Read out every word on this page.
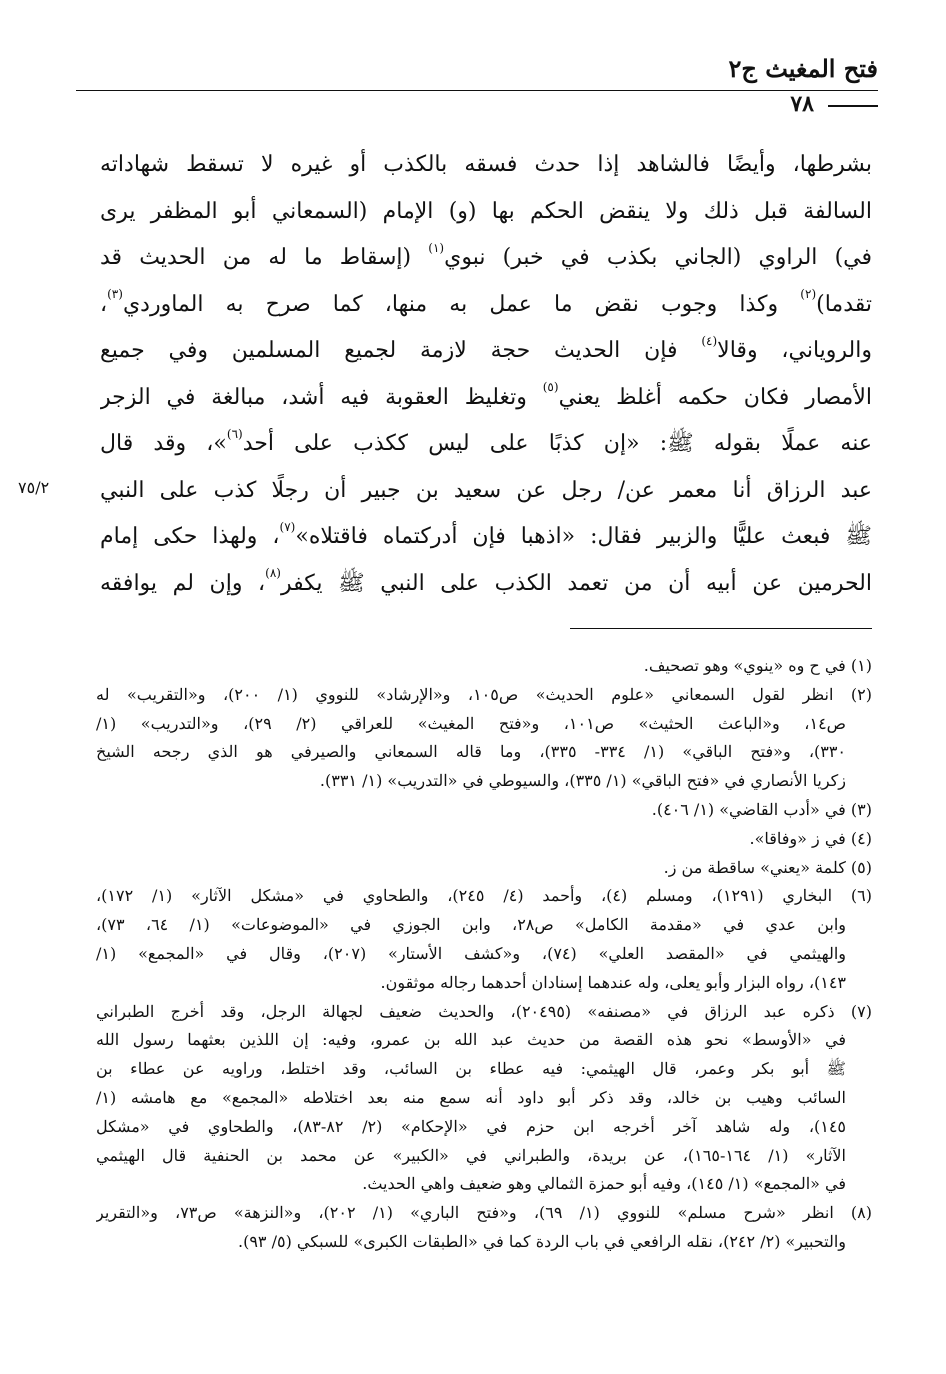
فتح المغيث ج٢
٧٨
٧٥/٢
بشرطها، وأيضًا فالشاهد إذا حدث فسقه بالكذب أو غيره لا تسقط شهاداته
السالفة قبل ذلك ولا ينقض الحكم بها (و) الإمام (السمعاني أبو المظفر يرى
في) الراوي (الجاني بكذب في خبر) نبوي$^{(١)}$ (إسقاط ما له من الحديث قد
تقدما)$^{(٢)}$ وكذا وجوب نقض ما عمل به منها، كما صرح به الماوردي$^{(٣)}$،
والروياني، وقالا$^{(٤)}$ فإن الحديث حجة لازمة لجميع المسلمين وفي جميع
الأمصار فكان حكمه أغلظ يعني$^{(٥)}$ وتغليظ العقوبة فيه أشد، مبالغة في الزجر
عنه عملًا بقوله ﷺ: «إن كذبًا على ليس ككذب على أحد$^{(٦)}$»، وقد قال
عبد الرزاق أنا معمر عن/ رجل عن سعيد بن جبير أن رجلًا كذب على النبي
ﷺ فبعث عليًّا والزبير فقال: «اذهبا فإن أدركتماه فاقتلاه»$^{(٧)}$، ولهذا حكى إمام
الحرمين عن أبيه أن من تعمد الكذب على النبي ﷺ يكفر$^{(٨)}$، وإن لم يوافقه
(١) في ح وه «ينوي» وهو تصحيف.
(٢) انظر لقول السمعاني «علوم الحديث» ص١٠٥، و«الإرشاد» للنووي (١/ ٢٠٠)، و«التقريب» له
ص١٤، و«الباعث الحثيث» ص١٠١، و«فتح المغيث» للعراقي (٢/ ٢٩)، و«التدريب» (١/
٣٣٠)، و«فتح الباقي» (١/ ٣٣٤- ٣٣٥)، وما قاله السمعاني والصيرفي هو الذي رجحه الشيخ
زكريا الأنصاري في «فتح الباقي» (١/ ٣٣٥)، والسيوطي في «التدريب» (١/ ٣٣١).
(٣) في «أدب القاضي» (١/ ٤٠٦).
(٤) في ز «وفاقا».
(٥) كلمة «يعني» ساقطة من ز.
(٦) البخاري (١٢٩١)، ومسلم (٤)، وأحمد (٤/ ٢٤٥)، والطحاوي في «مشكل الآثار» (١/ ١٧٢)،
وابن عدي في «مقدمة الكامل» ص٢٨، وابن الجوزي في «الموضوعات» (١/ ٦٤، ٧٣)،
والهيثمي في «المقصد العلي» (٧٤)، و«كشف الأستار» (٢٠٧)، وقال في «المجمع» (١/
١٤٣)، رواه البزار وأبو يعلى، وله عندهما إسنادان أحدهما رجاله موثقون.
(٧) ذكره عبد الرزاق في «مصنفه» (٢٠٤٩٥)، والحديث ضعيف لجهالة الرجل، وقد أخرج الطبراني
في «الأوسط» نحو هذه القصة من حديث عبد الله بن عمرو، وفيه: إن اللذين بعثهما رسول الله
ﷺ أبو بكر وعمر، قال الهيثمي: فيه عطاء بن السائب، وقد اختلط، وراويه عن عطاء بن
السائب وهيب بن خالد، وقد ذكر أبو داود أنه سمع منه بعد اختلاطه «المجمع» مع هامشه (١/
١٤٥)، وله شاهد آخر أخرجه ابن حزم في «الإحكام» (٢/ ٨٢-٨٣)، والطحاوي في «مشكل
الآثار» (١/ ١٦٤-١٦٥)، عن بريدة، والطبراني في «الكبير» عن محمد بن الحنفية قال الهيثمي
في «المجمع» (١/ ١٤٥)، وفيه أبو حمزة الثمالي وهو ضعيف واهي الحديث.
(٨) انظر «شرح مسلم» للنووي (١/ ٦٩)، و«فتح الباري» (١/ ٢٠٢)، و«النزهة» ص٧٣، و«التقرير
والتحبير» (٢/ ٢٤٢)، نقله الرافعي في باب الردة كما في «الطبقات الكبرى» للسبكي (٥/ ٩٣).
